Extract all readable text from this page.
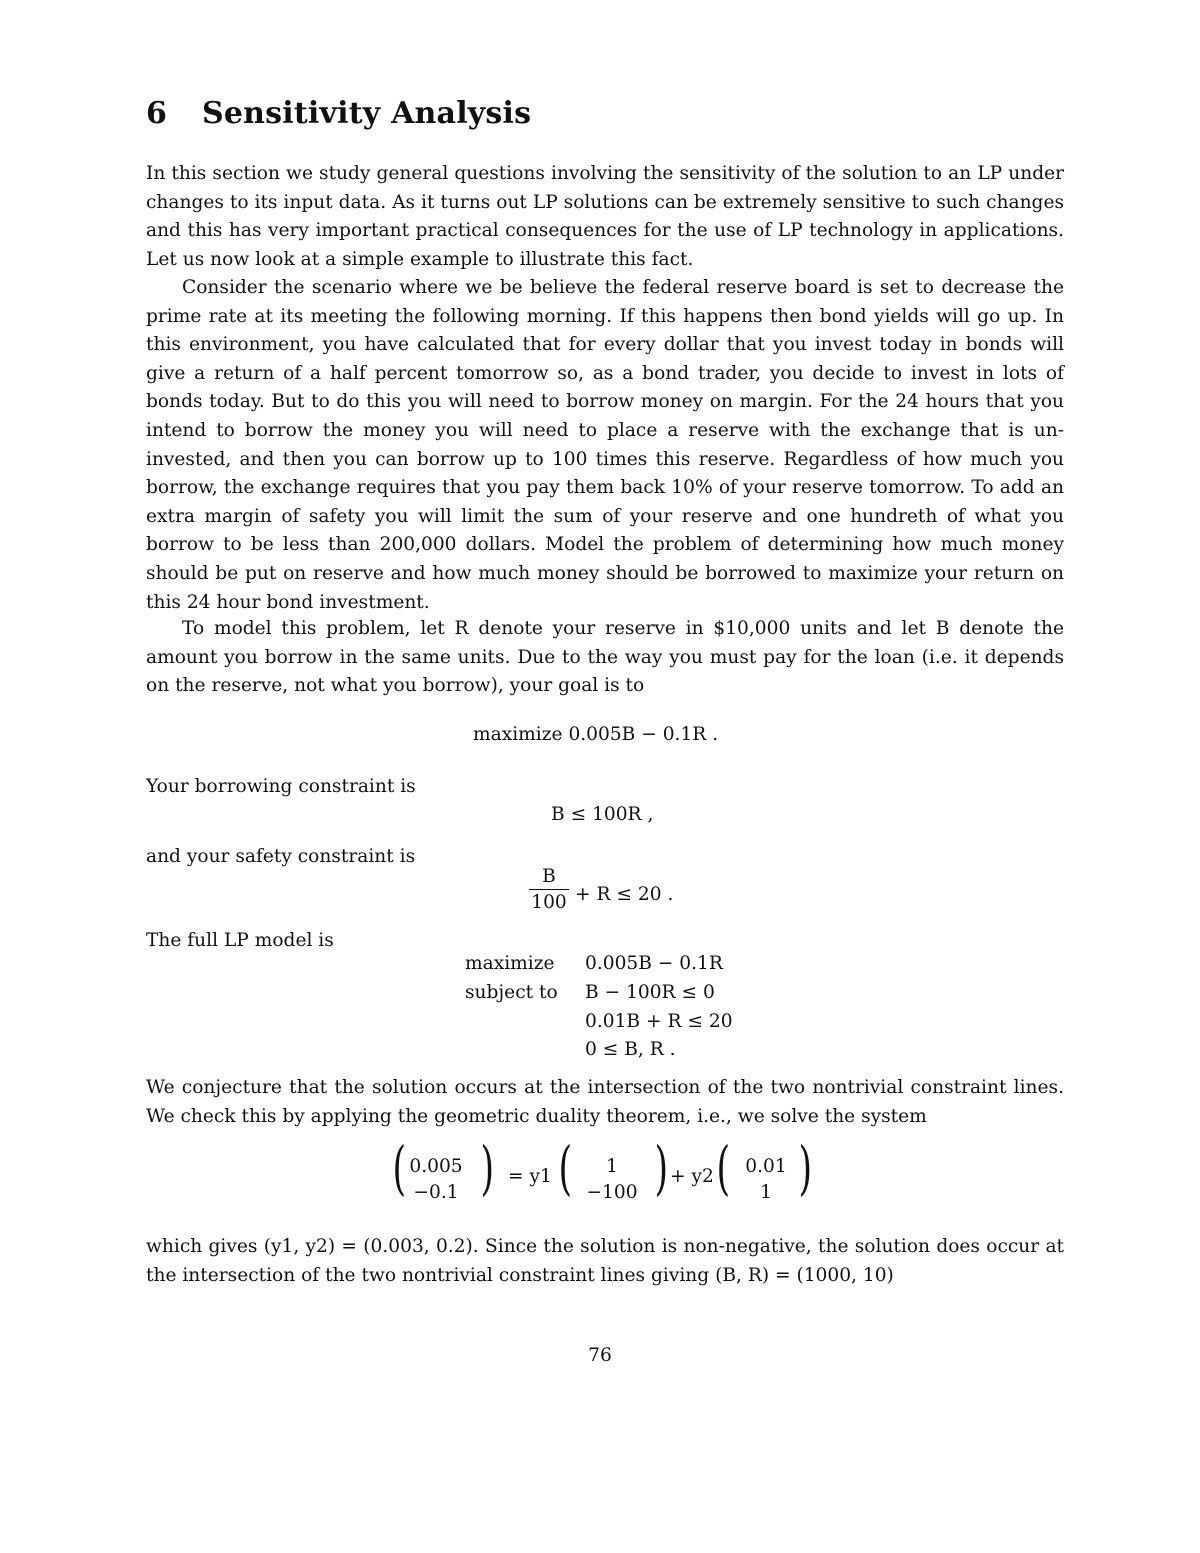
6 Sensitivity Analysis

In this section we study general questions involving the sensitivity of the solution to an LP under changes to its input data. As it turns out LP solutions can be extremely sensitive to such changes and this has very important practical consequences for the use of LP technology in applications. Let us now look at a simple example to illustrate this fact.

Consider the scenario where we be believe the federal reserve board is set to decrease the prime rate at its meeting the following morning. If this happens then bond yields will go up. In this environment, you have calculated that for every dollar that you invest today in bonds will give a return of a half percent tomorrow so, as a bond trader, you decide to invest in lots of bonds today. But to do this you will need to borrow money on margin. For the 24 hours that you intend to borrow the money you will need to place a reserve with the exchange that is un-invested, and then you can borrow up to 100 times this reserve. Regardless of how much you borrow, the exchange requires that you pay them back 10% of your reserve tomorrow. To add an extra margin of safety you will limit the sum of your reserve and one hundreth of what you borrow to be less than 200,000 dollars. Model the problem of determining how much money should be put on reserve and how much money should be borrowed to maximize your return on this 24 hour bond investment.

To model this problem, let R denote your reserve in $10,000 units and let B denote the amount you borrow in the same units. Due to the way you must pay for the loan (i.e. it depends on the reserve, not what you borrow), your goal is to

maximize 0.005B − 0.1R .
Your borrowing constraint is
B ≤ 100R ,
and your safety constraint is
B
100 + R ≤ 20 .
The full LP model is
maximize	0.005B − 0.1R
subject to	B − 100R ≤ 0
0.01B + R ≤ 20
0 ≤ B, R .

We conjecture that the solution occurs at the intersection of the two nontrivial constraint lines. We check this by applying the geometric duality theorem, i.e., we solve the system

( 0.005
−0.1 ) = y1 (	1
−100 ) + y2 ( 0.01
1 )

which gives (y1, y2) = (0.003, 0.2). Since the solution is non-negative, the solution does occur at the intersection of the two nontrivial constraint lines giving (B, R) = (1000, 10)

76
